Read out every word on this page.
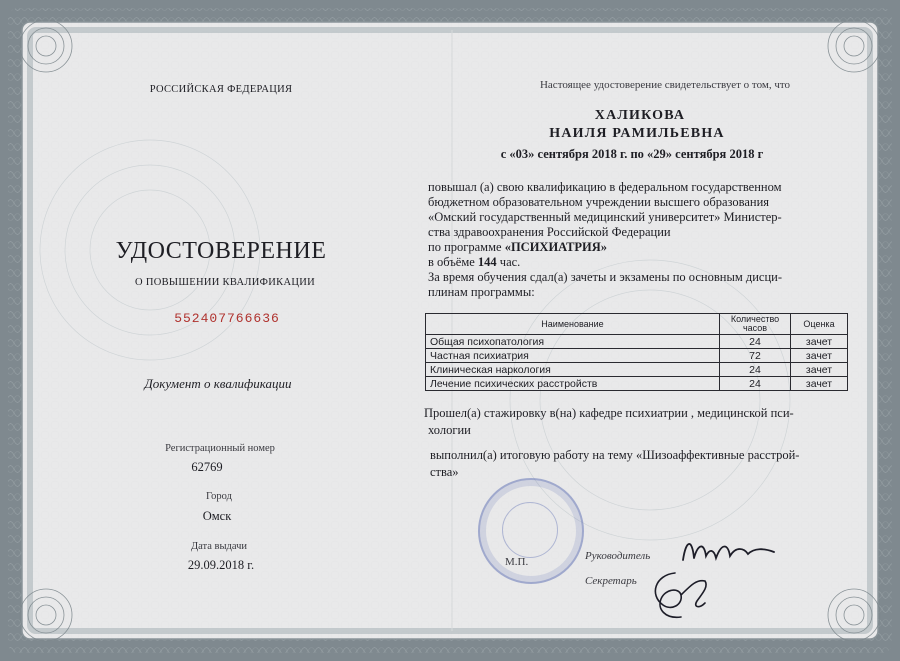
РОССИЙСКАЯ ФЕДЕРАЦИЯ
УДОСТОВЕРЕНИЕ
О ПОВЫШЕНИИ КВАЛИФИКАЦИИ
552407766636
Документ о квалификации
Регистрационный номер
62769
Город
Омск
Дата выдачи
29.09.2018 г.
Настоящее удостоверение свидетельствует о том, что
ХАЛИКОВА
НАИЛЯ РАМИЛЬЕВНА
с «03» сентября 2018 г. по «29» сентября 2018 г
повышал (а) свою квалификацию в федеральном государственном
бюджетном образовательном учреждении высшего образования
«Омский государственный медицинский университет» Министер-
ства здравоохранения Российской Федерации
по программе «ПСИХИАТРИЯ»
в объёме 144 час.
За время обучения сдал(а) зачеты и экзамены по основным дисци-
плинам программы:
Наименование	Количество часов	Оценка
Общая психопатология	24	зачет
Частная психиатрия	72	зачет
Клиническая наркология	24	зачет
Лечение психических расстройств	24	зачет
Прошел(а) стажировку в(на) кафедре психиатрии , медицинской пси-
хологии
выполнил(а) итоговую работу на тему «Шизоаффективные расстрой-
ства»
М.П.	Руководитель
Секретарь
